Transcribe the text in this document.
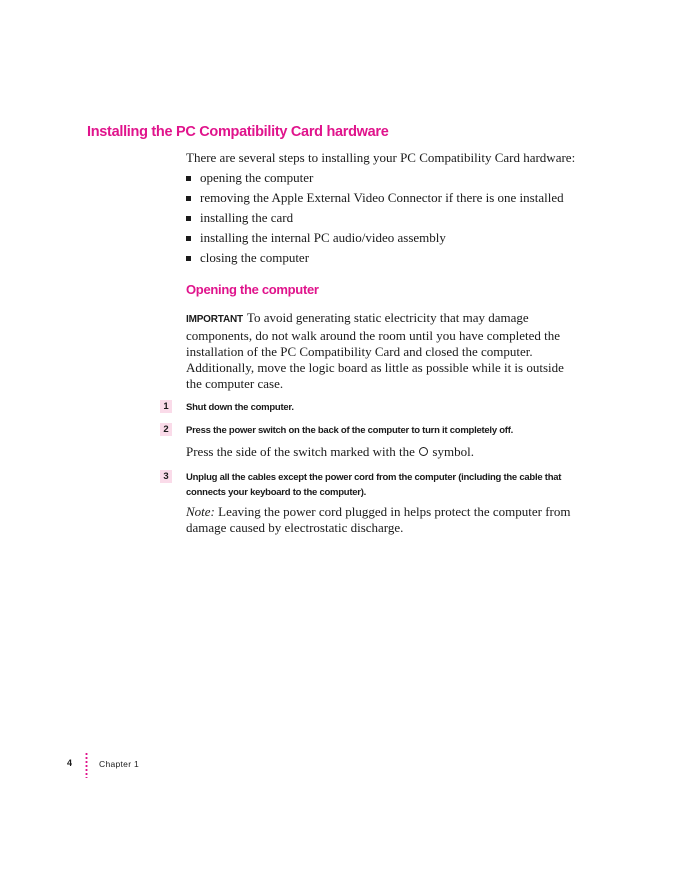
Installing the PC Compatibility Card hardware

There are several steps to installing your PC Compatibility Card hardware:

opening the computer
removing the Apple External Video Connector if there is one installed
installing the card
installing the internal PC audio/video assembly
closing the computer
Opening the computer

IMPORTANT To avoid generating static electricity that may damage components, do not walk around the room until you have completed the installation of the PC Compatibility Card and closed the computer. Additionally, move the logic board as little as possible while it is outside the computer case.

1	Shut down the computer.
2	Press the power switch on the back of the computer to turn it completely off.

Press the side of the switch marked with the symbol.

3	Unplug all the cables except the power cord from the computer (including the cable that connects your keyboard to the computer).

Note: Leaving the power cord plugged in helps protect the computer from damage caused by electrostatic discharge.

4	Chapter 1
